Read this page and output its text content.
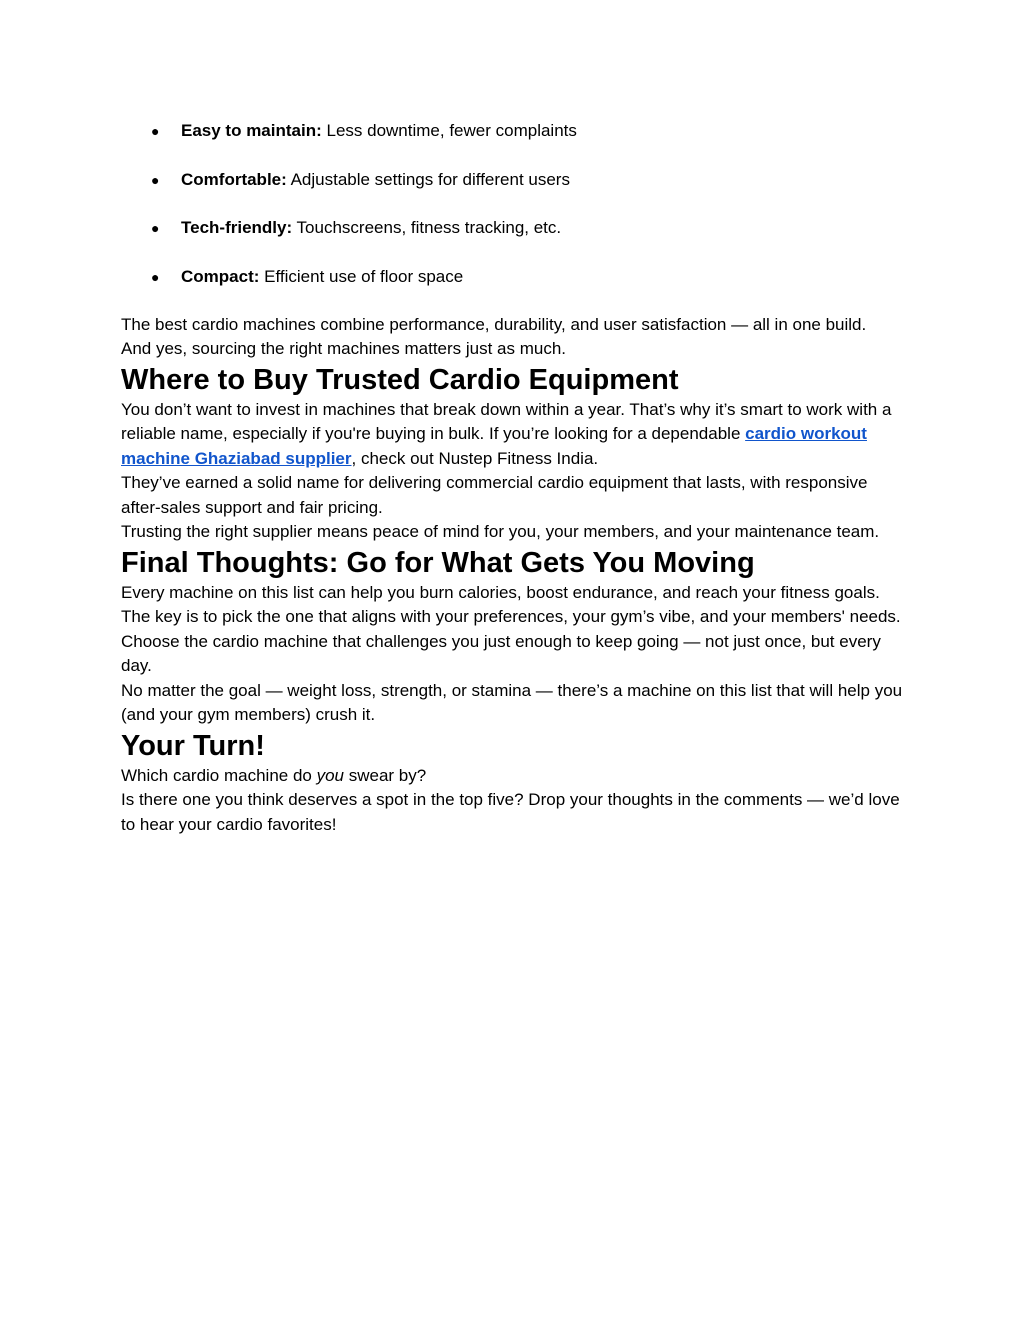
● Easy to maintain: Less downtime, fewer complaints
● Comfortable: Adjustable settings for different users
● Tech-friendly: Touchscreens, fitness tracking, etc.
● Compact: Efficient use of floor space

The best cardio machines combine performance, durability, and user satisfaction — all in one build.

And yes, sourcing the right machines matters just as much.

Where to Buy Trusted Cardio Equipment

You don’t want to invest in machines that break down within a year. That’s why it’s smart to work with a reliable name, especially if you're buying in bulk. If you’re looking for a dependable cardio workout machine Ghaziabad supplier, check out Nustep Fitness India.

They’ve earned a solid name for delivering commercial cardio equipment that lasts, with responsive after-sales support and fair pricing.

Trusting the right supplier means peace of mind for you, your members, and your maintenance team.

Final Thoughts: Go for What Gets You Moving

Every machine on this list can help you burn calories, boost endurance, and reach your fitness goals. The key is to pick the one that aligns with your preferences, your gym’s vibe, and your members' needs.

Choose the cardio machine that challenges you just enough to keep going — not just once, but every day.

No matter the goal — weight loss, strength, or stamina — there’s a machine on this list that will help you (and your gym members) crush it.

Your Turn!

Which cardio machine do you swear by?
Is there one you think deserves a spot in the top five? Drop your thoughts in the comments — we’d love to hear your cardio favorites!
